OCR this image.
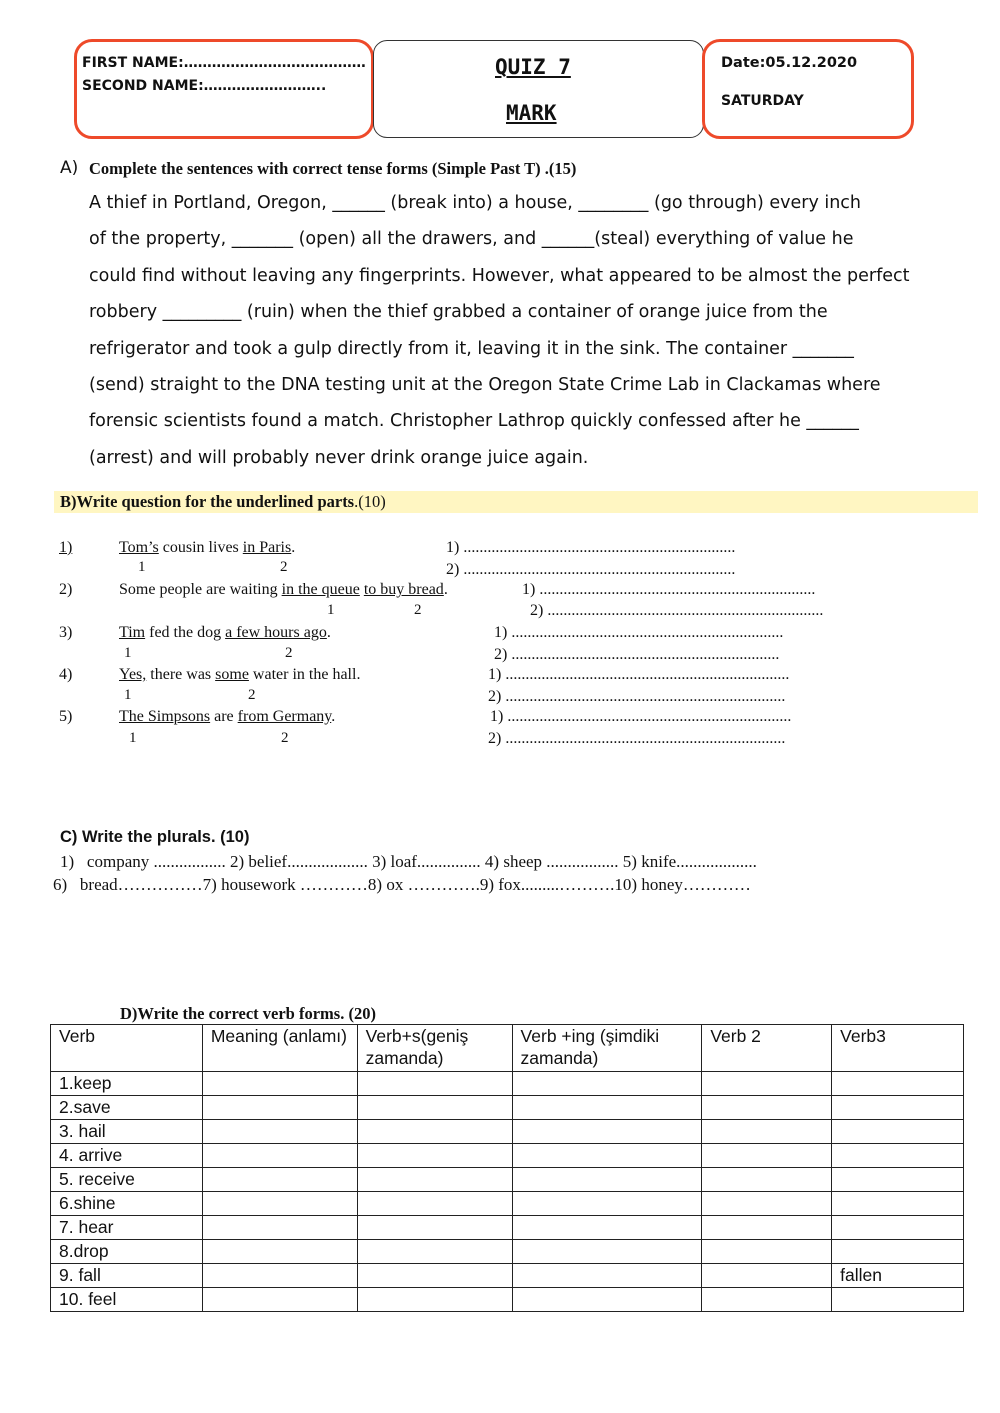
FIRST NAME:…………………………………
SECOND NAME:……………………..
QUIZ 7
MARK
Date:05.12.2020
SATURDAY
A) Complete the sentences with correct tense forms (Simple Past T) .(15)
A thief in Portland, Oregon, ______ (break into) a house, ________ (go through) every inch
of the property, _______ (open) all the drawers, and ______(steal) everything of value he
could find without leaving any fingerprints. However, what appeared to be almost the perfect
robbery _________ (ruin) when the thief grabbed a container of orange juice from the
refrigerator and took a gulp directly from it, leaving it in the sink. The container _______
(send) straight to the DNA testing unit at the Oregon State Crime Lab in Clackamas where
forensic scientists found a match. Christopher Lathrop quickly confessed after he ______
(arrest) and will probably never drink orange juice again.
B)Write question for the underlined parts.(10)
1)	Tom’s cousin lives in Paris.
1	2
1) ....................................................................
2) ....................................................................
2)	Some people are waiting in the queue to buy bread.
1	2
1) .....................................................................
2) .....................................................................
3)	Tim fed the dog a few hours ago.
1	2
1) ....................................................................
2) ...................................................................
4)	Yes, there was some water in the hall.
1	2
1) .......................................................................
2) ......................................................................
5)	The Simpsons are from Germany.
1	2
1) .......................................................................
2) ......................................................................
C) Write the plurals. (10)
1) company ................. 2) belief................... 3) loaf............... 4) sheep ................. 5) knife...................
6) bread……………7) housework …………8) ox ………….9) fox.........……….10) honey…………
D)Write the correct verb forms. (20)
Verb	Meaning (anlamı)	Verb+s(geniş zamanda)	Verb +ing (şimdiki zamanda)	Verb 2	Verb3
1.keep					
2.save					
3. hail					
4. arrive					
5. receive					
6.shine					
7. hear					
8.drop					
9. fall					fallen
10. feel					
